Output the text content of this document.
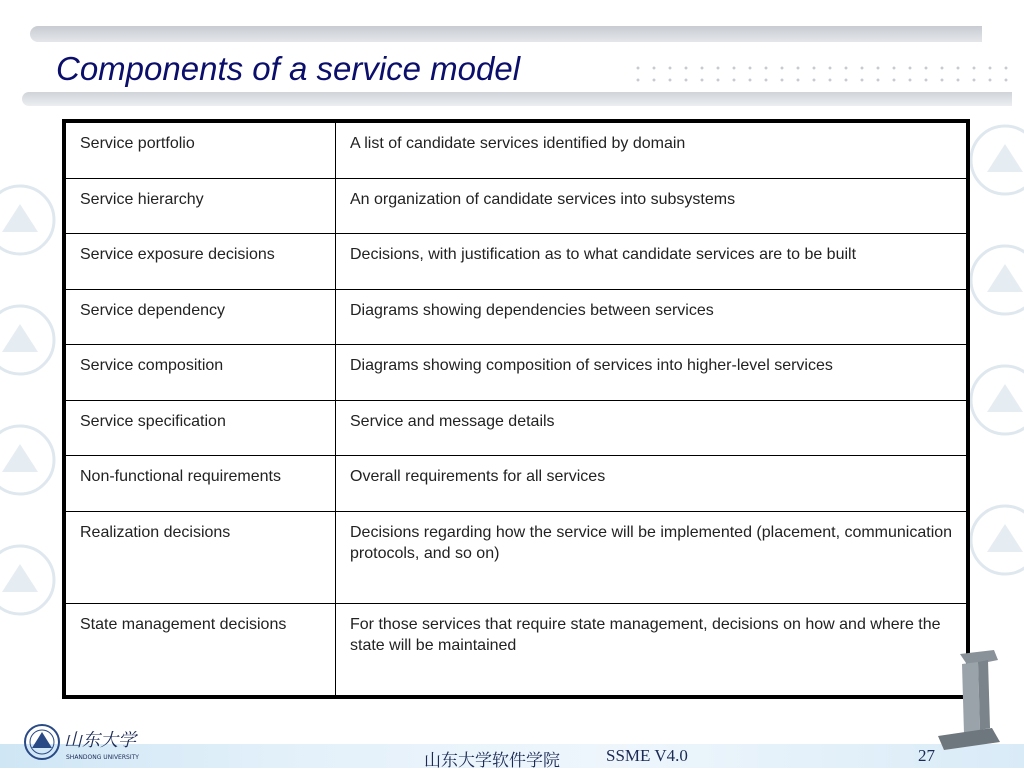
Components of a service model
Service portfolio	A list of candidate services identified by domain
Service hierarchy	An organization of candidate services into subsystems
Service exposure decisions	Decisions, with justification as to what candidate services are to be built
Service dependency	Diagrams showing dependencies between services
Service composition	Diagrams showing composition of services into higher-level services
Service specification	Service and message details
Non-functional requirements	Overall requirements for all services
Realization decisions	Decisions regarding how the service will be implemented (placement, communication protocols, and so on)
State management decisions	For those services that require state management, decisions on how and where the state will be maintained
山东大学
SHANDONG UNIVERSITY	山东大学软件学院	SSME V4.0	27
